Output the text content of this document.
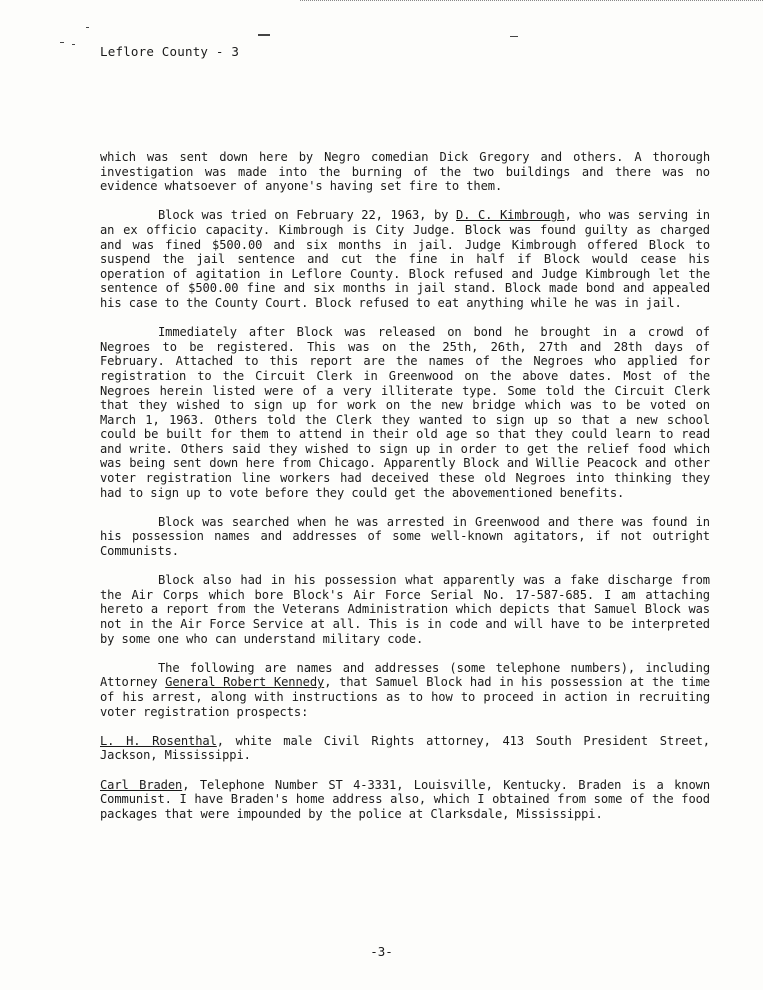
Leflore County - 3

which was sent down here by Negro comedian Dick Gregory and others. A thorough investigation was made into the burning of the two buildings and there was no evidence whatsoever of anyone's having set fire to them.

Block was tried on February 22, 1963, by D. C. Kimbrough, who was serving in an ex officio capacity. Kimbrough is City Judge. Block was found guilty as charged and was fined $500.00 and six months in jail. Judge Kimbrough offered Block to suspend the jail sentence and cut the fine in half if Block would cease his operation of agitation in Leflore County. Block refused and Judge Kimbrough let the sentence of $500.00 fine and six months in jail stand. Block made bond and appealed his case to the County Court. Block refused to eat anything while he was in jail.

Immediately after Block was released on bond he brought in a crowd of Negroes to be registered. This was on the 25th, 26th, 27th and 28th days of February. Attached to this report are the names of the Negroes who applied for registration to the Circuit Clerk in Greenwood on the above dates. Most of the Negroes herein listed were of a very illiterate type. Some told the Circuit Clerk that they wished to sign up for work on the new bridge which was to be voted on March 1, 1963. Others told the Clerk they wanted to sign up so that a new school could be built for them to attend in their old age so that they could learn to read and write. Others said they wished to sign up in order to get the relief food which was being sent down here from Chicago. Apparently Block and Willie Peacock and other voter registration line workers had deceived these old Negroes into thinking they had to sign up to vote before they could get the abovementioned benefits.

Block was searched when he was arrested in Greenwood and there was found in his possession names and addresses of some well-known agitators, if not outright Communists.

Block also had in his possession what apparently was a fake discharge from the Air Corps which bore Block's Air Force Serial No. 17-587-685. I am attaching hereto a report from the Veterans Administration which depicts that Samuel Block was not in the Air Force Service at all. This is in code and will have to be interpreted by some one who can understand military code.

The following are names and addresses (some telephone numbers), including Attorney General Robert Kennedy, that Samuel Block had in his possession at the time of his arrest, along with instructions as to how to proceed in action in recruiting voter registration prospects:

L. H. Rosenthal, white male Civil Rights attorney, 413 South President Street, Jackson, Mississippi.

Carl Braden, Telephone Number ST 4-3331, Louisville, Kentucky. Braden is a known Communist. I have Braden's home address also, which I obtained from some of the food packages that were impounded by the police at Clarksdale, Mississippi.

-3-
